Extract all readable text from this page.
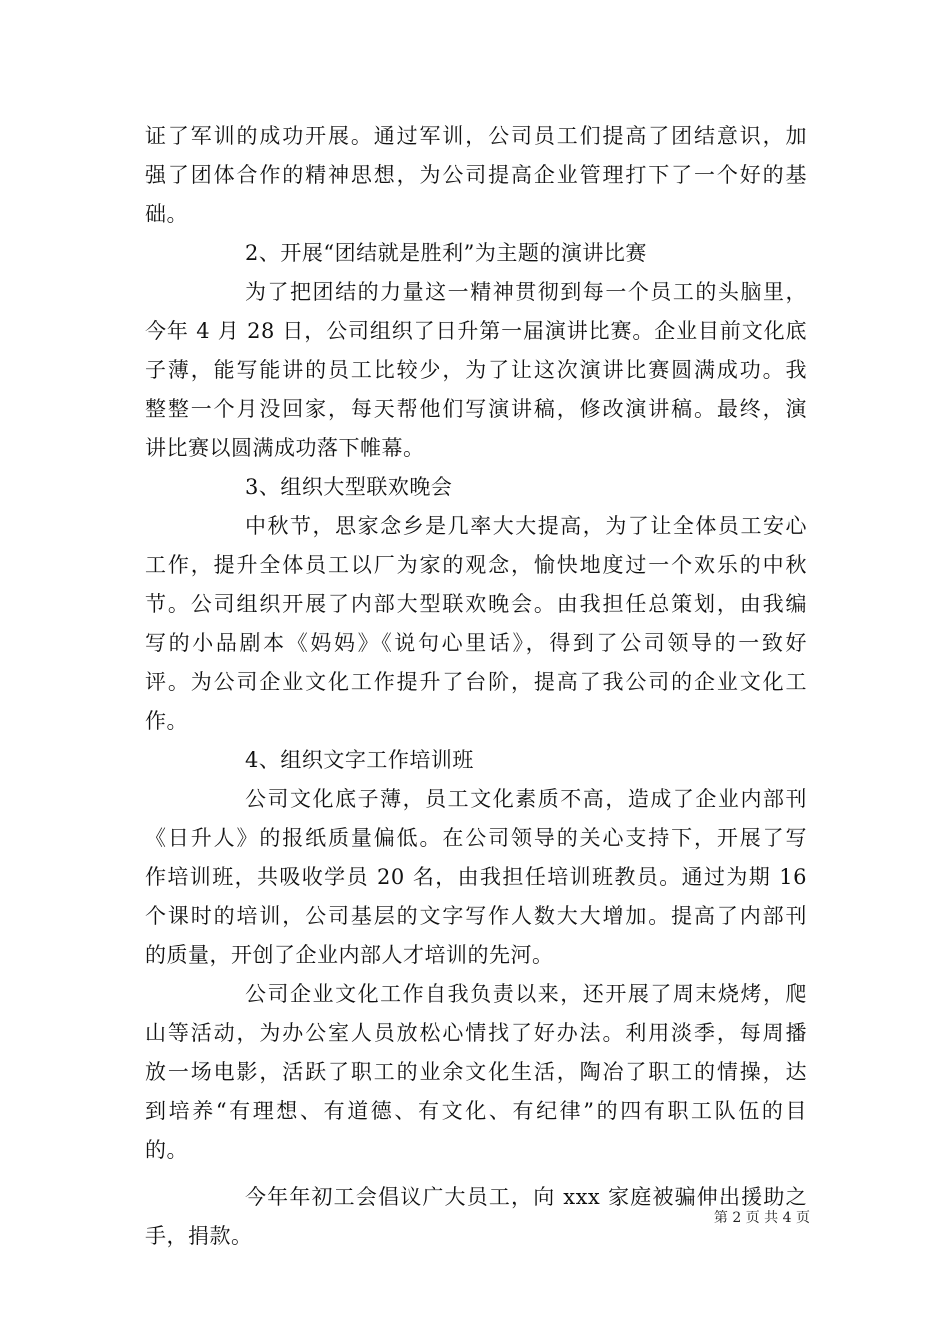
证了军训的成功开展。通过军训，公司员工们提高了团结意识，加
强了团体合作的精神思想，为公司提高企业管理打下了一个好的基
础。
2、开展“团结就是胜利”为主题的演讲比赛
为了把团结的力量这一精神贯彻到每一个员工的头脑里，
今年 4 月 28 日，公司组织了日升第一届演讲比赛。企业目前文化底
子薄，能写能讲的员工比较少，为了让这次演讲比赛圆满成功。我
整整一个月没回家，每天帮他们写演讲稿，修改演讲稿。最终，演
讲比赛以圆满成功落下帷幕。
3、组织大型联欢晚会
中秋节，思家念乡是几率大大提高，为了让全体员工安心
工作，提升全体员工以厂为家的观念，愉快地度过一个欢乐的中秋
节。公司组织开展了内部大型联欢晚会。由我担任总策划，由我编
写的小品剧本《妈妈》《说句心里话》，得到了公司领导的一致好
评。为公司企业文化工作提升了台阶，提高了我公司的企业文化工
作。
4、组织文字工作培训班
公司文化底子薄，员工文化素质不高，造成了企业内部刊
《日升人》的报纸质量偏低。在公司领导的关心支持下，开展了写
作培训班，共吸收学员 20 名，由我担任培训班教员。通过为期 16
个课时的培训，公司基层的文字写作人数大大增加。提高了内部刊
的质量，开创了企业内部人才培训的先河。
公司企业文化工作自我负责以来，还开展了周末烧烤，爬
山等活动，为办公室人员放松心情找了好办法。利用淡季，每周播
放一场电影，活跃了职工的业余文化生活，陶冶了职工的情操，达
到培养“有理想、有道德、有文化、有纪律”的四有职工队伍的目
的。
今年年初工会倡议广大员工，向 xxx 家庭被骗伸出援助之
手，捐款。
第 2 页 共 4 页
